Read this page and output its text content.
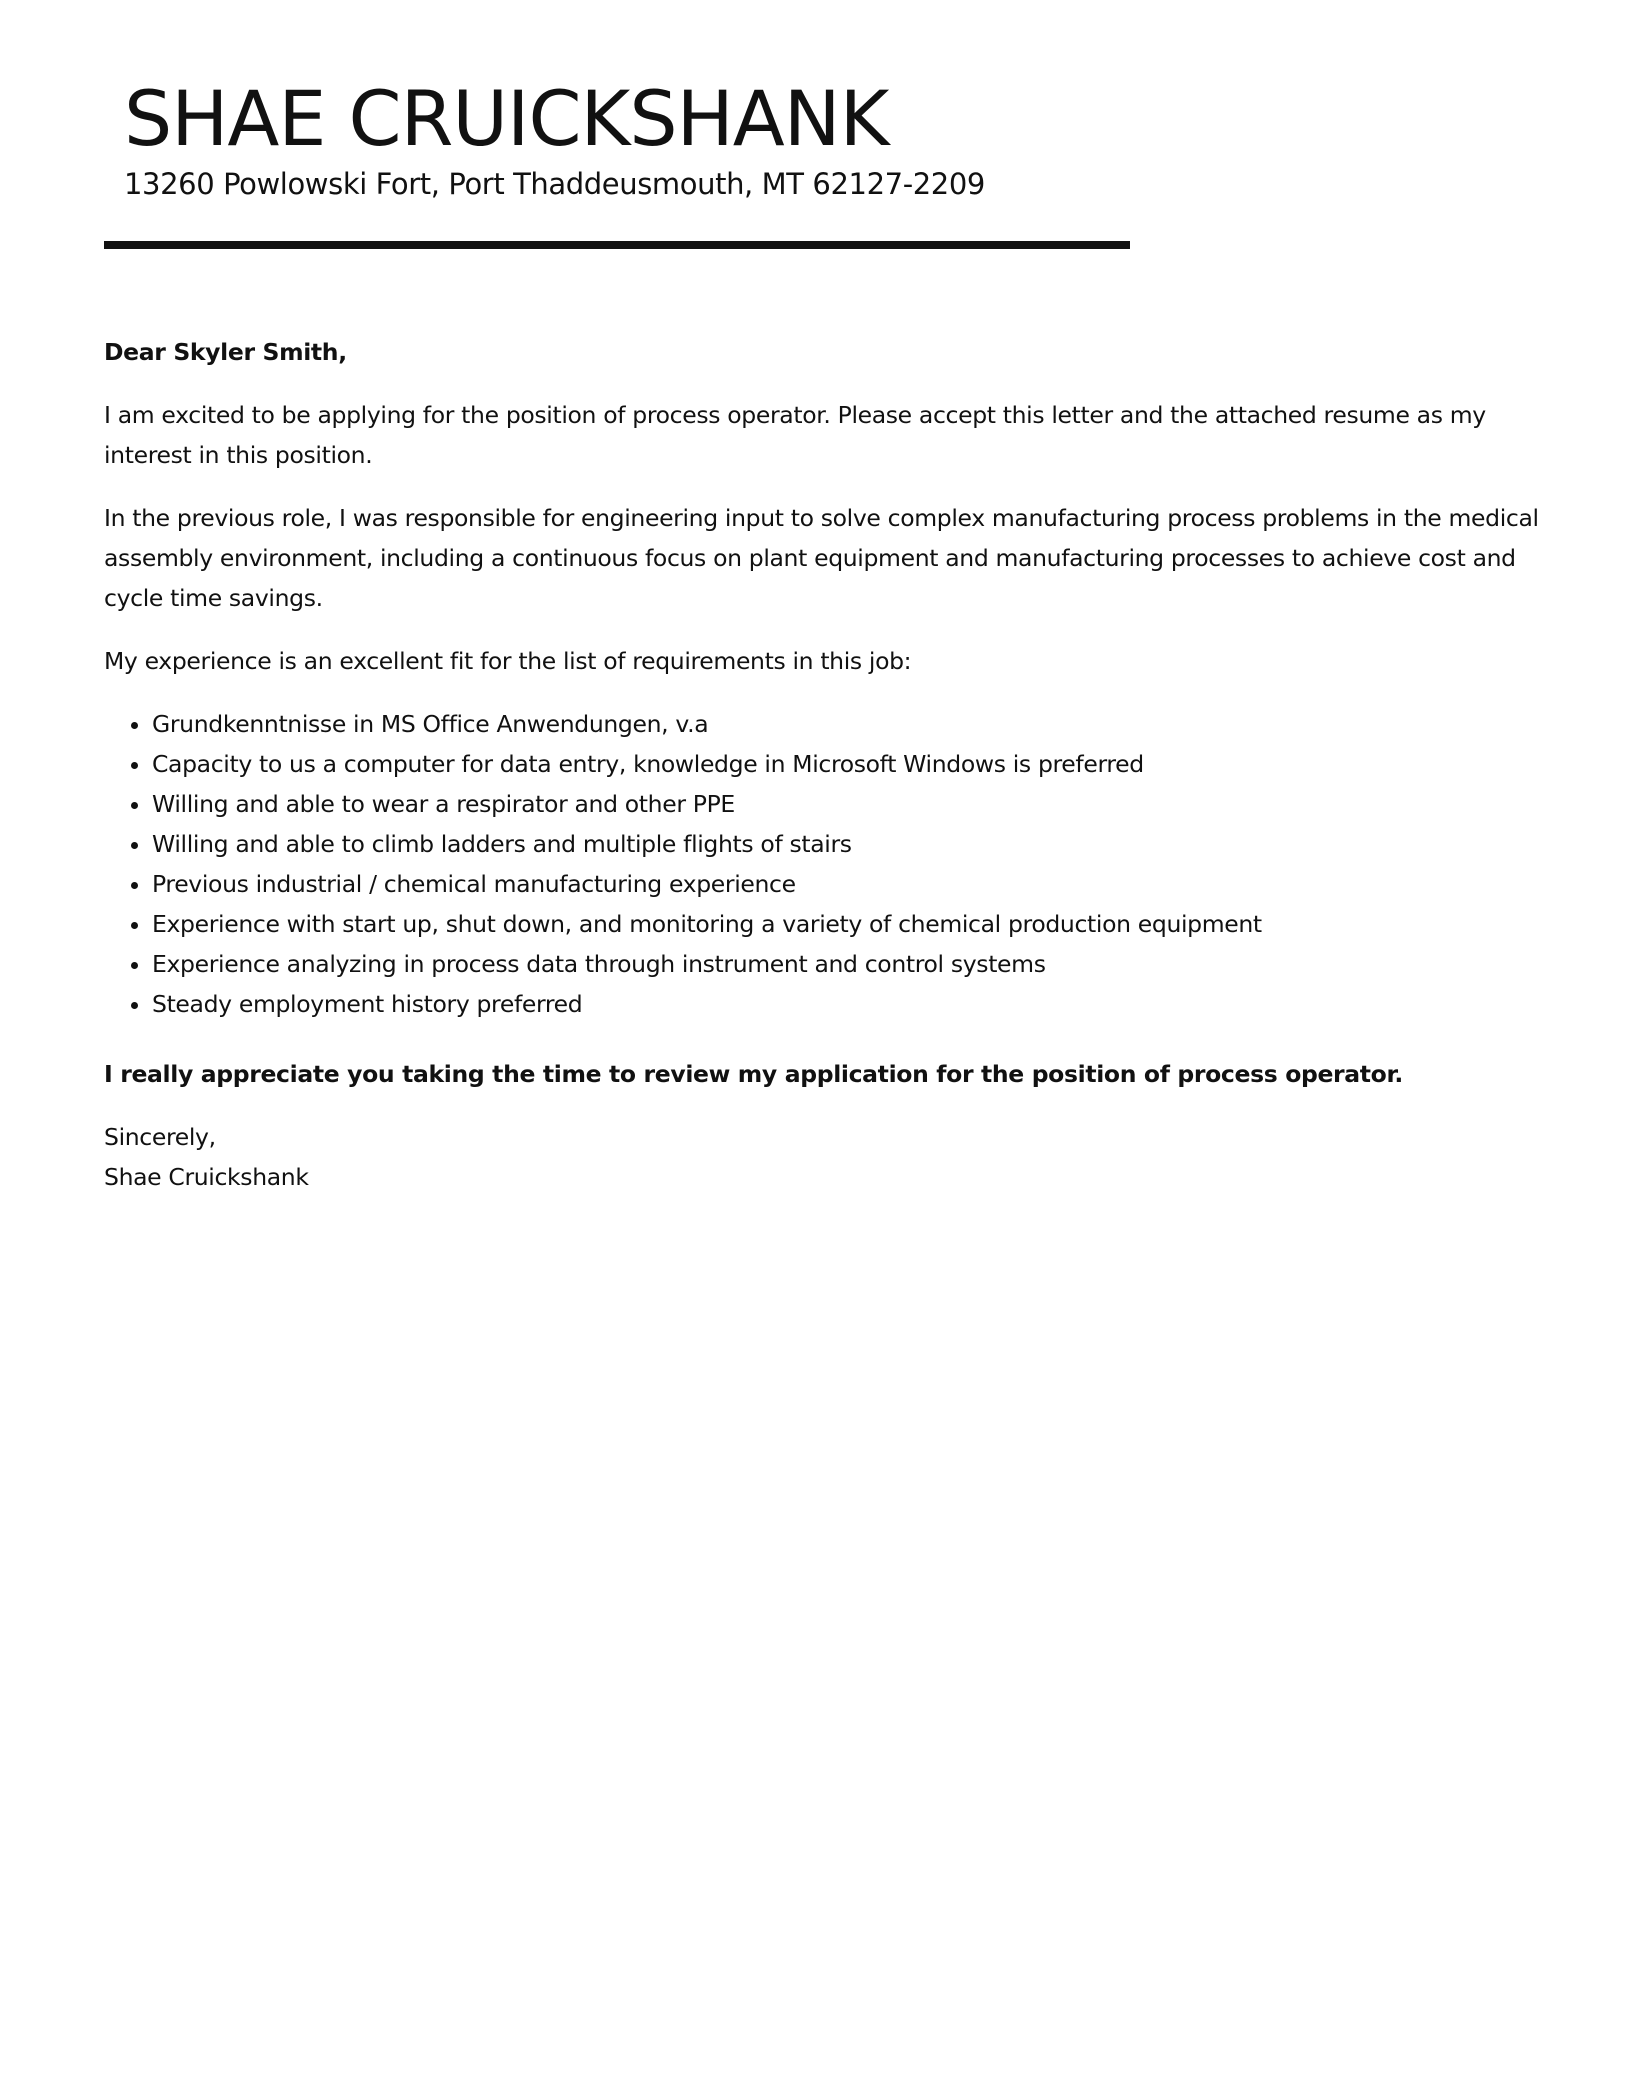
SHAE CRUICKSHANK

13260 Powlowski Fort, Port Thaddeusmouth, MT 62127-2209

Dear Skyler Smith,

I am excited to be applying for the position of process operator. Please accept this letter and the attached resume as my interest in this position.

In the previous role, I was responsible for engineering input to solve complex manufacturing process problems in the medical assembly environment, including a continuous focus on plant equipment and manufacturing processes to achieve cost and cycle time savings.

My experience is an excellent fit for the list of requirements in this job:

• Grundkenntnisse in MS Office Anwendungen, v.a
• Capacity to us a computer for data entry, knowledge in Microsoft Windows is preferred
• Willing and able to wear a respirator and other PPE
• Willing and able to climb ladders and multiple flights of stairs
• Previous industrial / chemical manufacturing experience
• Experience with start up, shut down, and monitoring a variety of chemical production equipment
• Experience analyzing in process data through instrument and control systems
• Steady employment history preferred

I really appreciate you taking the time to review my application for the position of process operator.

Sincerely,

Shae Cruickshank
